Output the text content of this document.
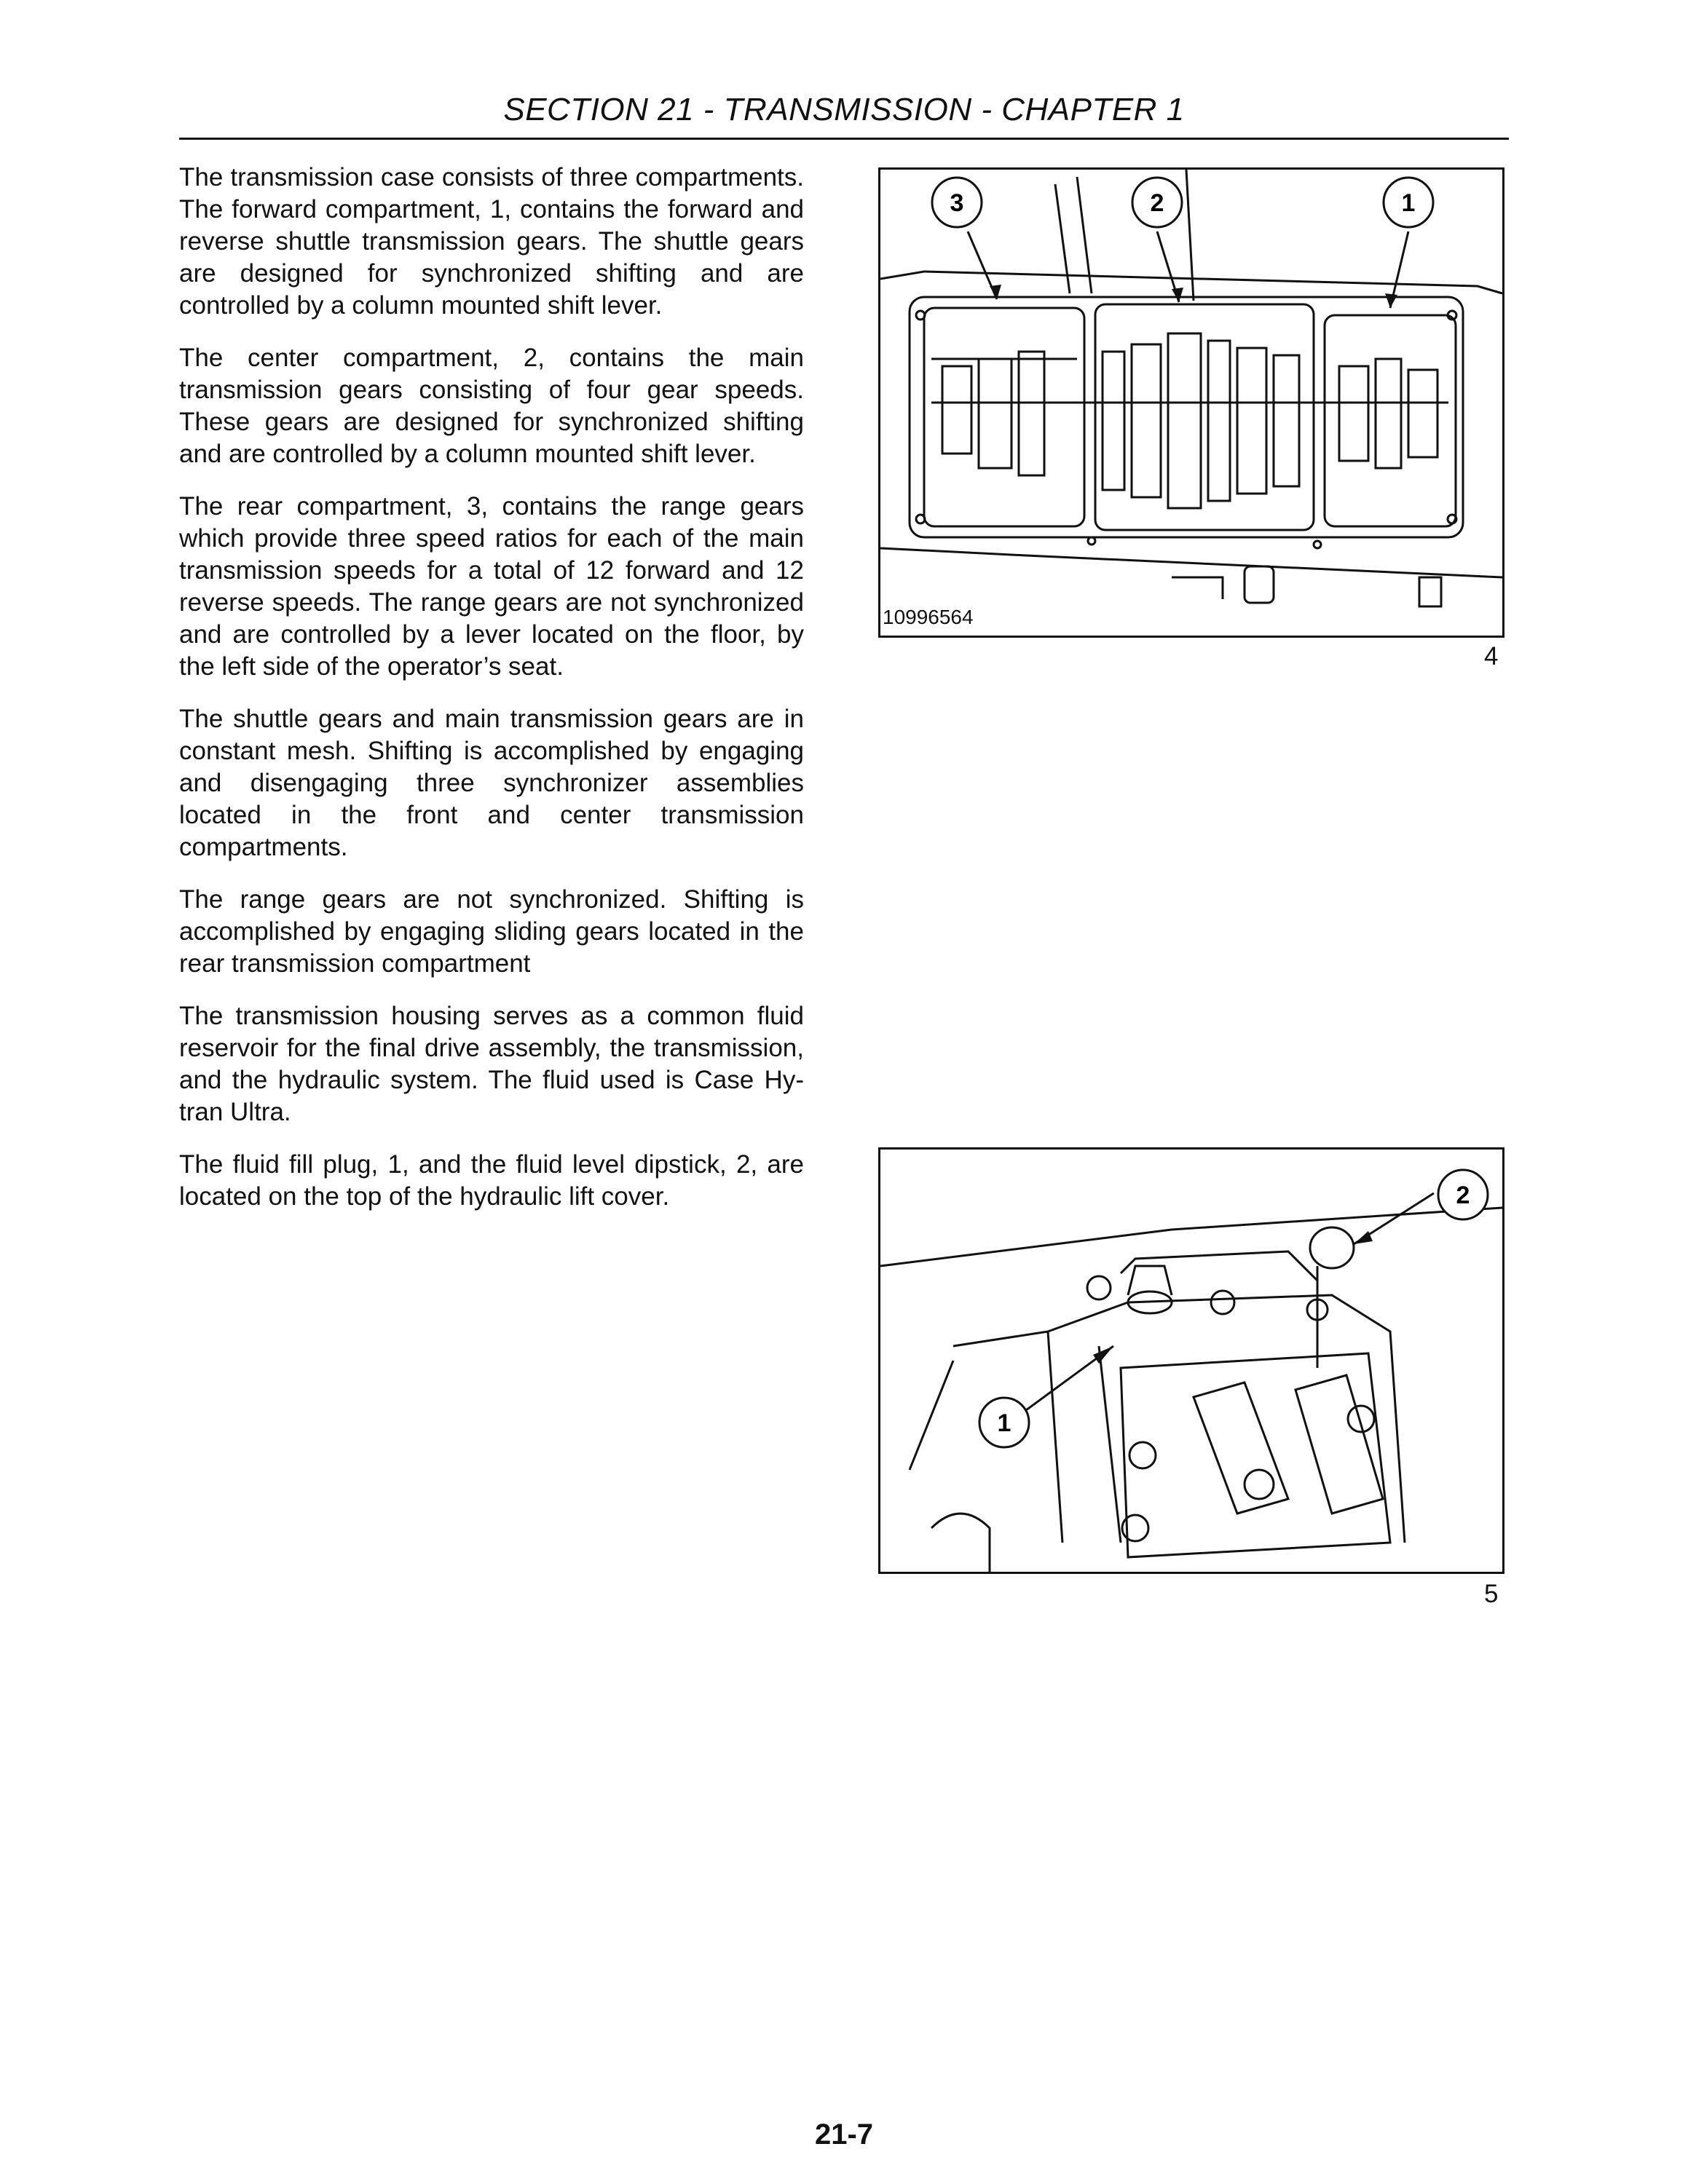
SECTION 21 - TRANSMISSION - CHAPTER 1

The transmission case consists of three compartments. The forward compartment, 1, contains the forward and reverse shuttle transmission gears. The shuttle gears are designed for synchronized shifting and are controlled by a column mounted shift lever.

The center compartment, 2, contains the main transmission gears consisting of four gear speeds. These gears are designed for synchronized shifting and are controlled by a column mounted shift lever.

The rear compartment, 3, contains the range gears which provide three speed ratios for each of the main transmission speeds for a total of 12 forward and 12 reverse speeds. The range gears are not synchronized and are controlled by a lever located on the floor, by the left side of the operator’s seat.

The shuttle gears and main transmission gears are in constant mesh. Shifting is accomplished by engaging and disengaging three synchronizer assemblies located in the front and center transmission compartments.

The range gears are not synchronized. Shifting is accomplished by engaging sliding gears located in the rear transmission compartment

The transmission housing serves as a common fluid reservoir for the final drive assembly, the transmission, and the hydraulic system. The fluid used is Case Hy-tran Ultra.

The fluid fill plug, 1, and the fluid level dipstick, 2, are located on the top of the hydraulic lift cover.

3	2	1
10996564
4
2
1
5
21-7
